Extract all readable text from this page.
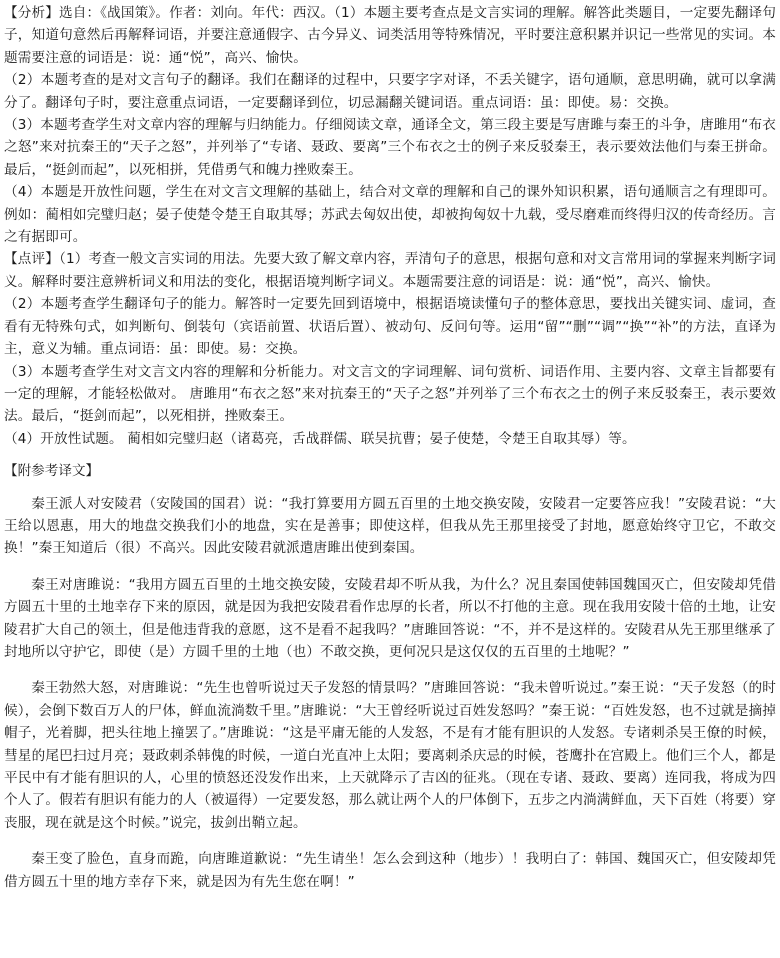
【分析】选自：《战国策》。作者：刘向。年代：西汉。（1）本题主要考查点是文言实词的理解。解答此类题目，一定要先翻译句子，知道句意然后再解释词语，并要注意通假字、古今异义、词类活用等特殊情况，平时要注意积累并识记一些常见的实词。本题需要注意的词语是：说：通“悦”，高兴、愉快。

（2）本题考查的是对文言句子的翻译。我们在翻译的过程中，只要字字对译，不丢关键字，语句通顺，意思明确，就可以拿满分了。翻译句子时，要注意重点词语，一定要翻译到位，切忌漏翻关键词语。重点词语：虽：即使。易：交换。

（3）本题考查学生对文章内容的理解与归纳能力。仔细阅读文章，通译全文，第三段主要是写唐雎与秦王的斗争，唐雎用“布衣之怒”来对抗秦王的“天子之怒”，并列举了“专诸、聂政、要离”三个布衣之士的例子来反驳秦王，表示要效法他们与秦王拼命。最后，“挺剑而起”，以死相拼，凭借勇气和魄力挫败秦王。

（4）本题是开放性问题，学生在对文言文理解的基础上，结合对文章的理解和自己的课外知识积累，语句通顺言之有理即可。例如：蔺相如完璧归赵；晏子使楚令楚王自取其辱；苏武去匈奴出使，却被拘匈奴十九载，受尽磨难而终得归汉的传奇经历。言之有据即可。

【点评】（1）考查一般文言实词的用法。先要大致了解文章内容，弄清句子的意思，根据句意和对文言常用词的掌握来判断字词义。解释时要注意辨析词义和用法的变化，根据语境判断字词义。本题需要注意的词语是：说：通“悦”，高兴、愉快。

（2）本题考查学生翻译句子的能力。解答时一定要先回到语境中，根据语境读懂句子的整体意思，要找出关键实词、虚词，查看有无特殊句式，如判断句、倒装句（宾语前置、状语后置）、被动句、反问句等。运用“留”“删”“调”“换”“补”的方法，直译为主，意义为辅。重点词语：虽：即使。易：交换。

（3）本题考查学生对文言文内容的理解和分析能力。对文言文的字词理解、词句赏析、词语作用、主要内容、文章主旨都要有一定的理解，才能轻松做对。 唐雎用“布衣之怒”来对抗秦王的“天子之怒”并列举了三个布衣之士的例子来反驳秦王，表示要效法。最后，“挺剑而起”，以死相拼，挫败秦王。

（4）开放性试题。 蔺相如完璧归赵（诸葛亮，舌战群儒、联吴抗曹；晏子使楚，令楚王自取其辱）等。

【附参考译文】

秦王派人对安陵君（安陵国的国君）说：“我打算要用方圆五百里的土地交换安陵，安陵君一定要答应我！”安陵君说：“大王给以恩惠，用大的地盘交换我们小的地盘，实在是善事；即使这样，但我从先王那里接受了封地，愿意始终守卫它，不敢交换！”秦王知道后（很）不高兴。因此安陵君就派遣唐雎出使到秦国。

秦王对唐雎说：“我用方圆五百里的土地交换安陵，安陵君却不听从我，为什么？况且秦国使韩国魏国灭亡，但安陵却凭借方圆五十里的土地幸存下来的原因，就是因为我把安陵君看作忠厚的长者，所以不打他的主意。现在我用安陵十倍的土地，让安陵君扩大自己的领土，但是他违背我的意愿，这不是看不起我吗？”唐雎回答说：“不，并不是这样的。安陵君从先王那里继承了封地所以守护它，即使（是）方圆千里的土地（也）不敢交换，更何况只是这仅仅的五百里的土地呢？”

秦王勃然大怒，对唐雎说：“先生也曾听说过天子发怒的情景吗？”唐雎回答说：“我未曾听说过。”秦王说：“天子发怒（的时候），会倒下数百万人的尸体，鲜血流淌数千里。”唐雎说：“大王曾经听说过百姓发怒吗？”秦王说：“百姓发怒，也不过就是摘掉帽子，光着脚，把头往地上撞罢了。”唐雎说：“这是平庸无能的人发怒，不是有才能有胆识的人发怒。专诸刺杀吴王僚的时候，彗星的尾巴扫过月亮；聂政刺杀韩傀的时候，一道白光直冲上太阳；要离刺杀庆忌的时候，苍鹰扑在宫殿上。他们三个人，都是平民中有才能有胆识的人，心里的愤怒还没发作出来，上天就降示了吉凶的征兆。（现在专诸、聂政、要离）连同我，将成为四个人了。假若有胆识有能力的人（被逼得）一定要发怒，那么就让两个人的尸体倒下，五步之内淌满鲜血，天下百姓（将要）穿丧服，现在就是这个时候。”说完，拔剑出鞘立起。

秦王变了脸色，直身而跪，向唐雎道歉说：“先生请坐！怎么会到这种（地步）！我明白了：韩国、魏国灭亡，但安陵却凭借方圆五十里的地方幸存下来，就是因为有先生您在啊！”
